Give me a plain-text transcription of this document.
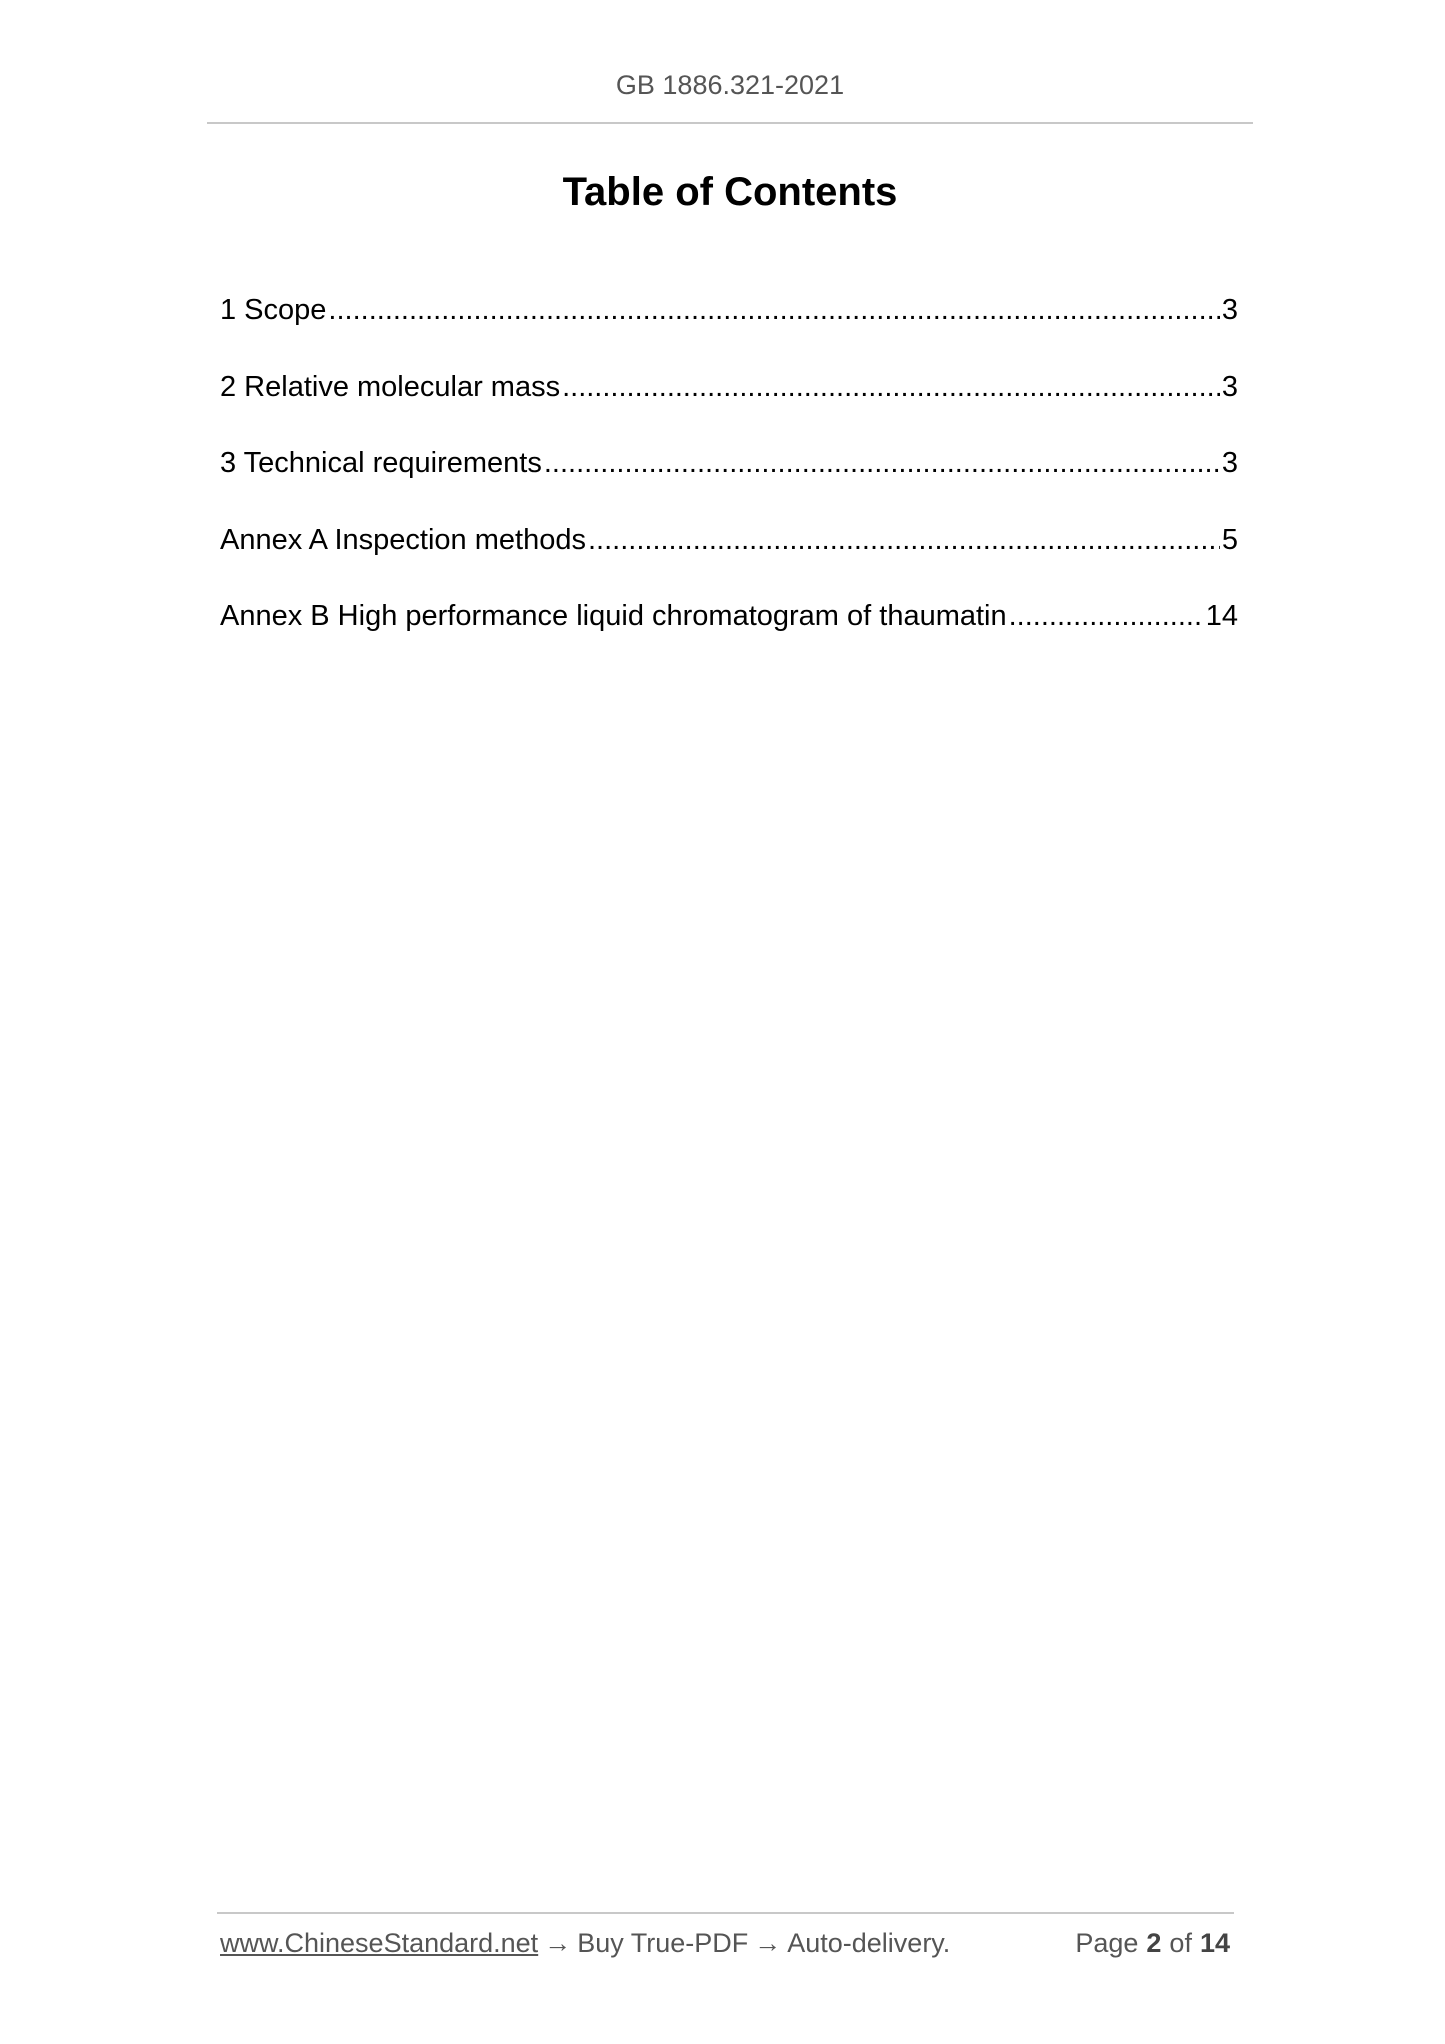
GB 1886.321-2021
Table of Contents
1 Scope .....	3
2 Relative molecular mass .....	3
3 Technical requirements .....	3
Annex A Inspection methods .....	5
Annex B High performance liquid chromatogram of thaumatin .....	14
www.ChineseStandard.net → Buy True-PDF → Auto-delivery.	Page 2 of 14
